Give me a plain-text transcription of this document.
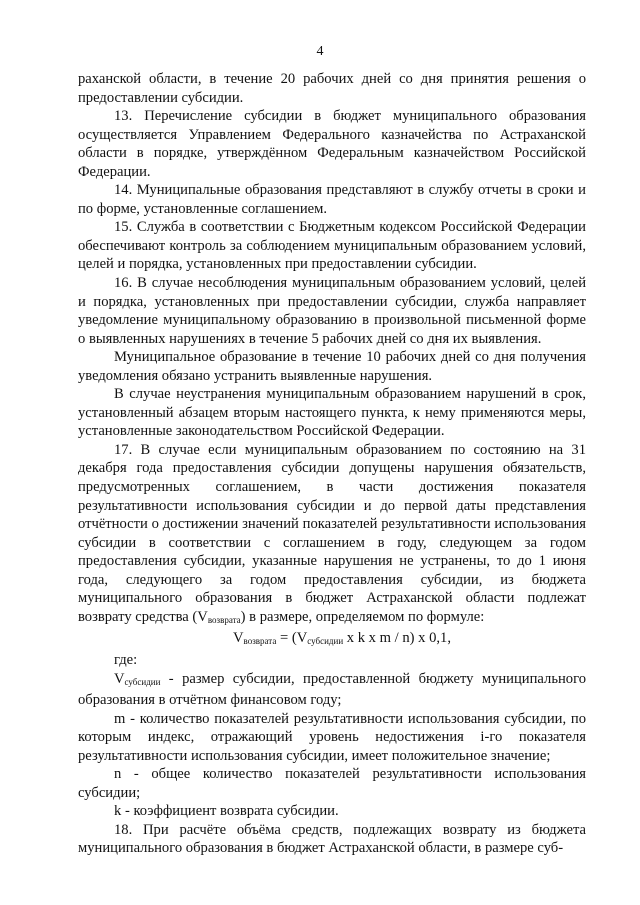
4

раханской области, в течение 20 рабочих дней со дня принятия решения о предоставлении субсидии.

13. Перечисление субсидии в бюджет муниципального образования осуществляется Управлением Федерального казначейства по Астраханской области в порядке, утверждённом Федеральным казначейством Российской Федерации.

14. Муниципальные образования представляют в службу отчеты в сроки и по форме, установленные соглашением.

15. Служба в соответствии с Бюджетным кодексом Российской Федерации обеспечивают контроль за соблюдением муниципальным образованием условий, целей и порядка, установленных при предоставлении субсидии.

16. В случае несоблюдения муниципальным образованием условий, целей и порядка, установленных при предоставлении субсидии, служба направляет уведомление муниципальному образованию в произвольной письменной форме о выявленных нарушениях в течение 5 рабочих дней со дня их выявления.

Муниципальное образование в течение 10 рабочих дней со дня получения уведомления обязано устранить выявленные нарушения.

В случае неустранения муниципальным образованием нарушений в срок, установленный абзацем вторым настоящего пункта, к нему применяются меры, установленные законодательством Российской Федерации.

17. В случае если муниципальным образованием по состоянию на 31 декабря года предоставления субсидии допущены нарушения обязательств, предусмотренных соглашением, в части достижения показателя результативности использования субсидии и до первой даты представления отчётности о достижении значений показателей результативности использования субсидии в соответствии с соглашением в году, следующем за годом предоставления субсидии, указанные нарушения не устранены, то до 1 июня года, следующего за годом предоставления субсидии, из бюджета муниципального образования в бюджет Астраханской области подлежат возврату средства $(V_{возврата})$ в размере, определяемом по формуле:

$V_{возврата} = (V_{субсидии}$ х k х m / n) х 0,1,

где:

$V_{субсидии}$ - размер субсидии, предоставленной бюджету муниципального образования в отчётном финансовом году;

m - количество показателей результативности использования субсидии, по которым индекс, отражающий уровень недостижения i-го показателя результативности использования субсидии, имеет положительное значение;

n - общее количество показателей результативности использования субсидии;

k - коэффициент возврата субсидии.

18. При расчёте объёма средств, подлежащих возврату из бюджета муниципального образования в бюджет Астраханской области, в размере суб-
